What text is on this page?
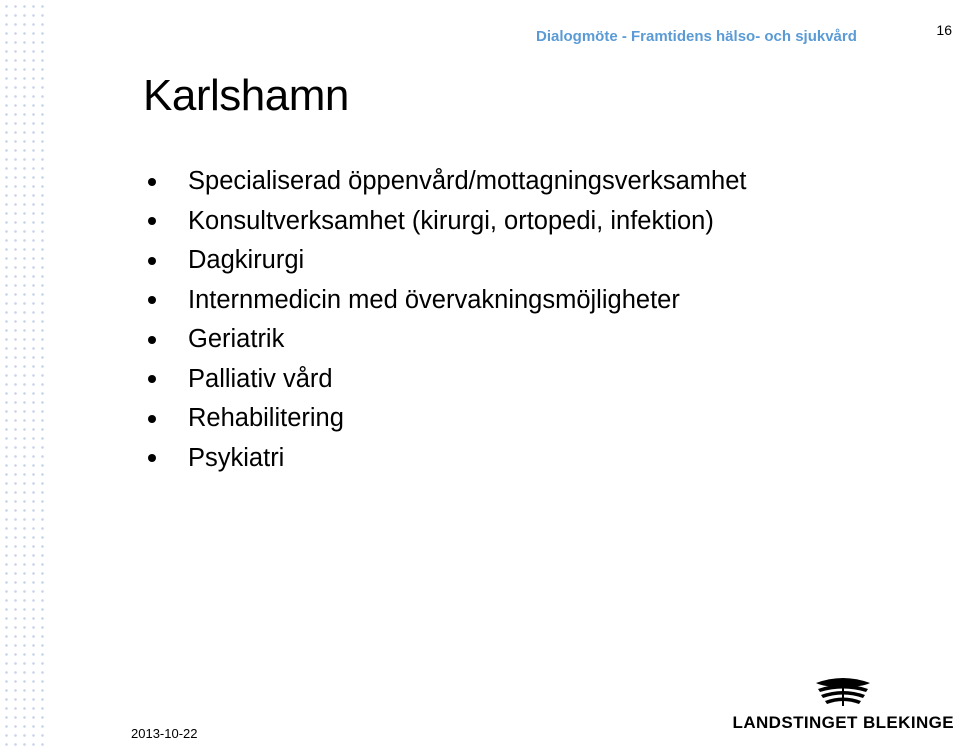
Dialogmöte - Framtidens hälso- och sjukvård	16
Karlshamn
Specialiserad öppenvård/mottagningsverksamhet
Konsultverksamhet (kirurgi, ortopedi, infektion)
Dagkirurgi
Internmedicin med övervakningsmöjligheter
Geriatrik
Palliativ vård
Rehabilitering
Psykiatri
2013-10-22
LANDSTINGET BLEKINGE
